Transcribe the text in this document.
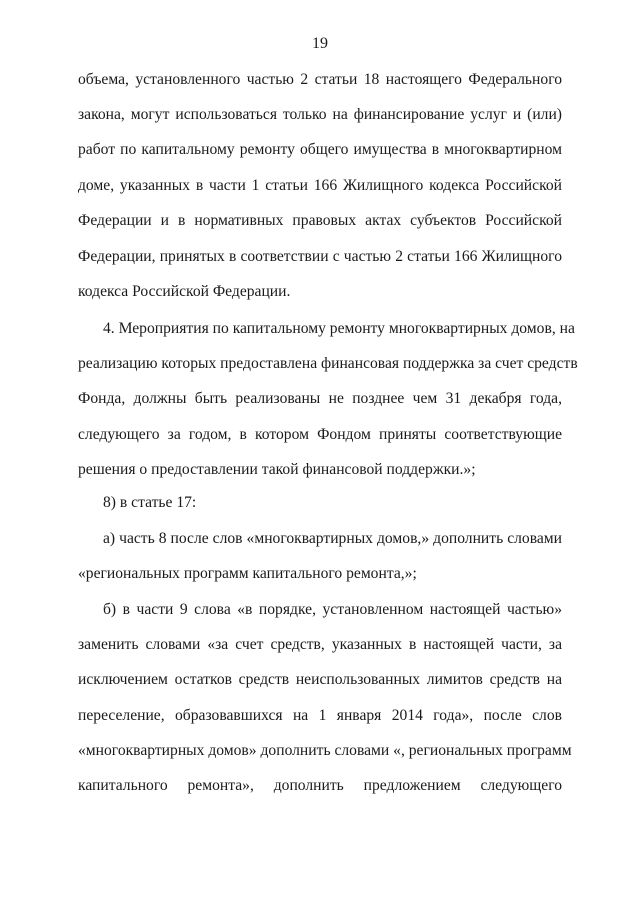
19
объема, установленного частью 2 статьи 18 настоящего Федерального
закона, могут использоваться только на финансирование услуг и (или)
работ по капитальному ремонту общего имущества в многоквартирном
доме, указанных в части 1 статьи 166 Жилищного кодекса Российской
Федерации и в нормативных правовых актах субъектов Российской
Федерации, принятых в соответствии с частью 2 статьи 166 Жилищного
кодекса Российской Федерации.
4. Мероприятия по капитальному ремонту многоквартирных домов, на
реализацию которых предоставлена финансовая поддержка за счет средств
Фонда, должны быть реализованы не позднее чем 31 декабря года,
следующего за годом, в котором Фондом приняты соответствующие
решения о предоставлении такой финансовой поддержки.»;
8) в статье 17:
а) часть 8 после слов «многоквартирных домов,» дополнить словами
«региональных программ капитального ремонта,»;
б) в части 9 слова «в порядке, установленном настоящей частью»
заменить словами «за счет средств, указанных в настоящей части, за
исключением остатков средств неиспользованных лимитов средств на
переселение, образовавшихся на 1 января 2014 года», после слов
«многоквартирных домов» дополнить словами «, региональных программ
капитального ремонта», дополнить предложением следующего
